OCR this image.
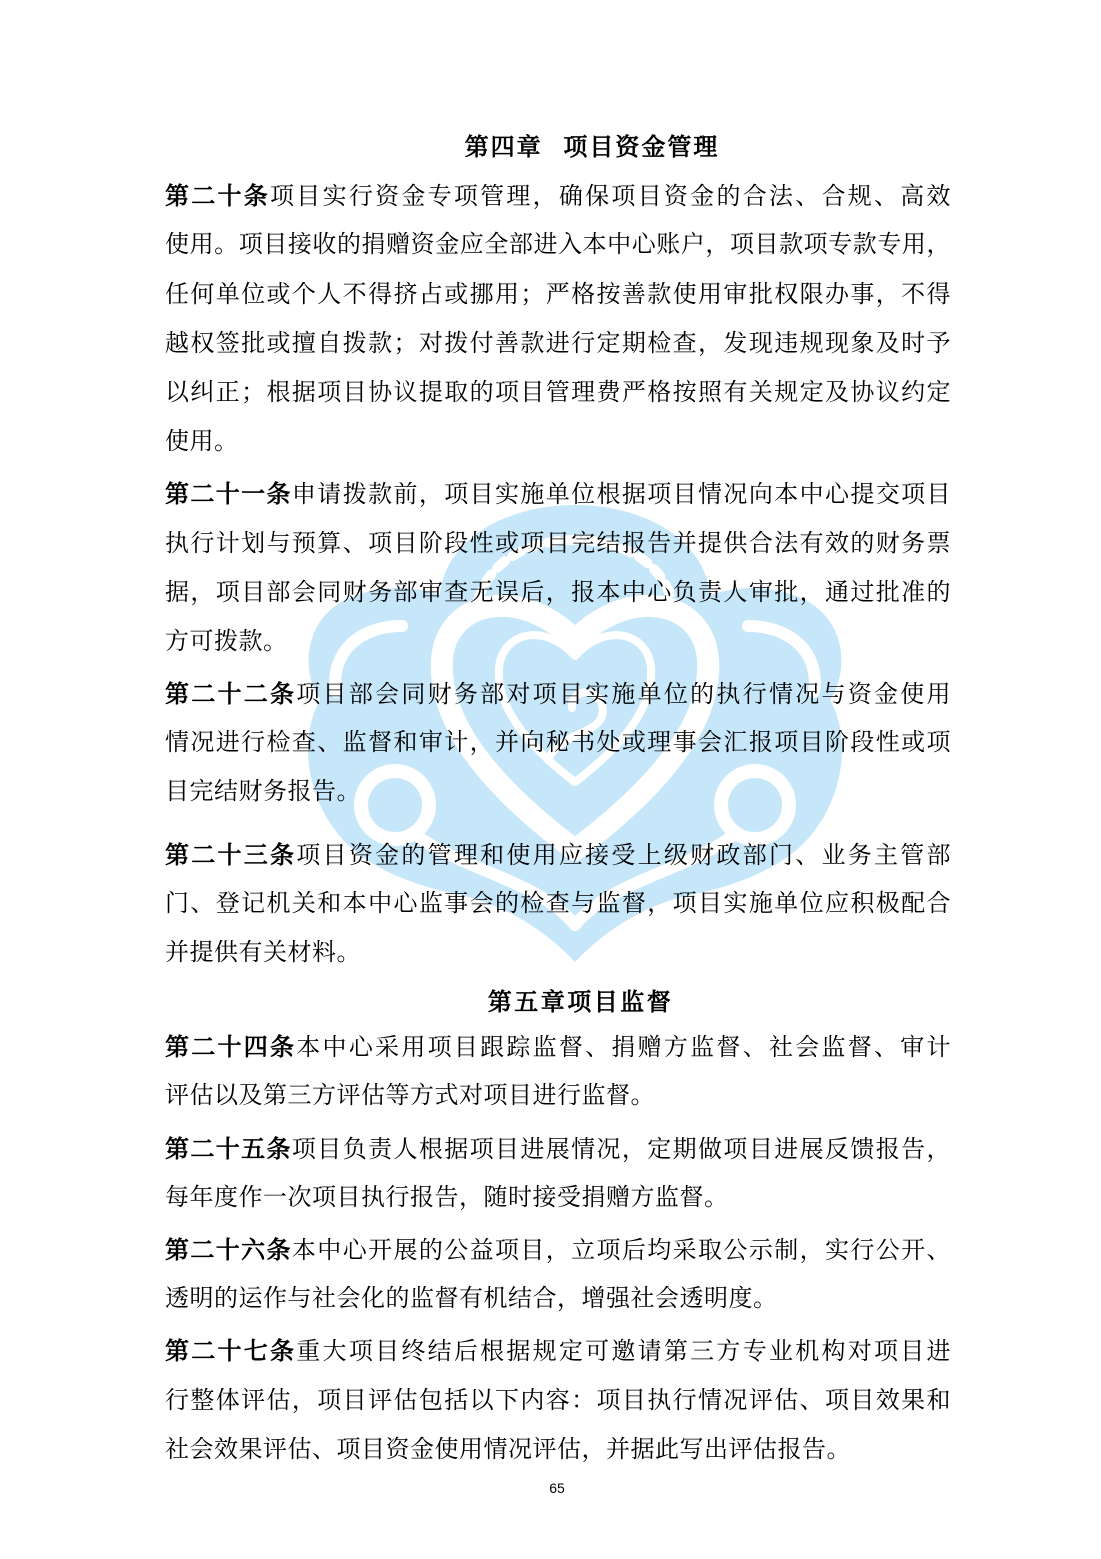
第四章  项目资金管理
第二十条项目实行资金专项管理，确保项目资金的合法、合规、高效
使用。项目接收的捐赠资金应全部进入本中心账户，项目款项专款专用，
任何单位或个人不得挤占或挪用；严格按善款使用审批权限办事，不得
越权签批或擅自拨款；对拨付善款进行定期检查，发现违规现象及时予
以纠正；根据项目协议提取的项目管理费严格按照有关规定及协议约定
使用。
第二十一条申请拨款前，项目实施单位根据项目情况向本中心提交项目
执行计划与预算、项目阶段性或项目完结报告并提供合法有效的财务票
据，项目部会同财务部审查无误后，报本中心负责人审批，通过批准的
方可拨款。
第二十二条项目部会同财务部对项目实施单位的执行情况与资金使用
情况进行检查、监督和审计，并向秘书处或理事会汇报项目阶段性或项
目完结财务报告。
第二十三条项目资金的管理和使用应接受上级财政部门、业务主管部
门、登记机关和本中心监事会的检查与监督，项目实施单位应积极配合
并提供有关材料。
第五章项目监督
第二十四条本中心采用项目跟踪监督、捐赠方监督、社会监督、审计
评估以及第三方评估等方式对项目进行监督。
第二十五条项目负责人根据项目进展情况，定期做项目进展反馈报告，
每年度作一次项目执行报告，随时接受捐赠方监督。
第二十六条本中心开展的公益项目，立项后均采取公示制，实行公开、
透明的运作与社会化的监督有机结合，增强社会透明度。
第二十七条重大项目终结后根据规定可邀请第三方专业机构对项目进
行整体评估，项目评估包括以下内容：项目执行情况评估、项目效果和
社会效果评估、项目资金使用情况评估，并据此写出评估报告。
65
